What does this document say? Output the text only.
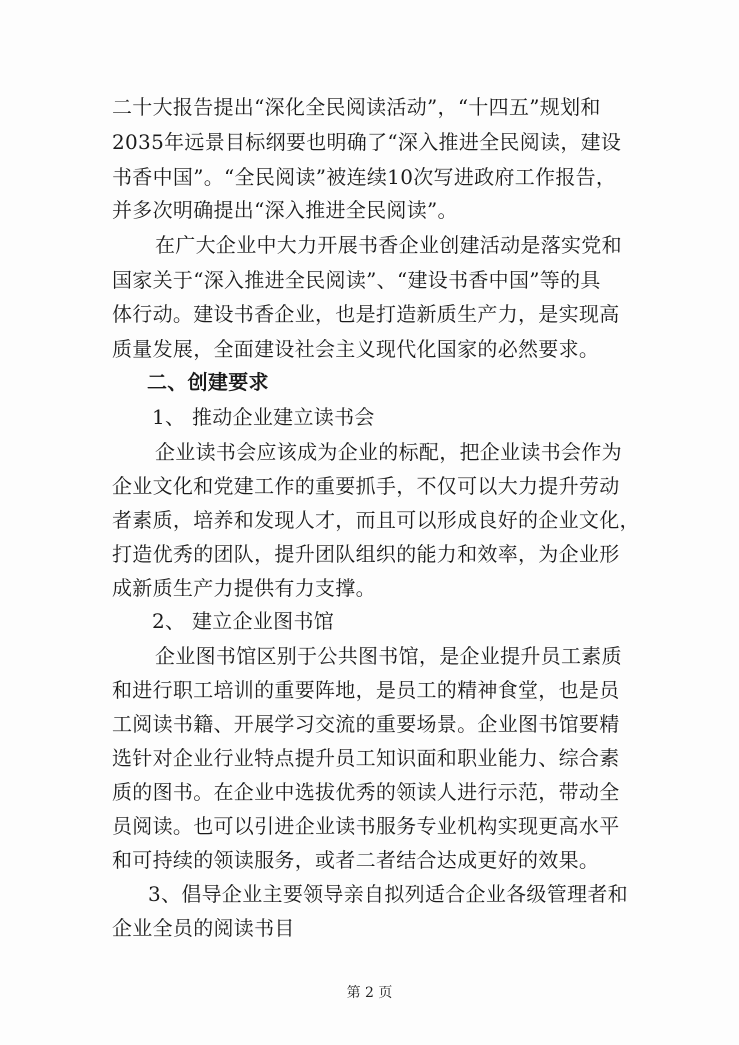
二十大报告提出“深化全民阅读活动”，“十四五”规划和
2035年远景目标纲要也明确了“深入推进全民阅读，建设
书香中国”。“全民阅读”被连续10次写进政府工作报告，
并多次明确提出“深入推进全民阅读”。
在广大企业中大力开展书香企业创建活动是落实党和
国家关于“深入推进全民阅读”、“建设书香中国”等的具
体行动。建设书香企业，也是打造新质生产力，是实现高
质量发展，全面建设社会主义现代化国家的必然要求。
二、创建要求
1、 推动企业建立读书会
企业读书会应该成为企业的标配，把企业读书会作为
企业文化和党建工作的重要抓手，不仅可以大力提升劳动
者素质，培养和发现人才，而且可以形成良好的企业文化，
打造优秀的团队，提升团队组织的能力和效率，为企业形
成新质生产力提供有力支撑。
2、 建立企业图书馆
企业图书馆区别于公共图书馆，是企业提升员工素质
和进行职工培训的重要阵地，是员工的精神食堂，也是员
工阅读书籍、开展学习交流的重要场景。企业图书馆要精
选针对企业行业特点提升员工知识面和职业能力、综合素
质的图书。在企业中选拔优秀的领读人进行示范，带动全
员阅读。也可以引进企业读书服务专业机构实现更高水平
和可持续的领读服务，或者二者结合达成更好的效果。
3、倡导企业主要领导亲自拟列适合企业各级管理者和
企业全员的阅读书目
第 2 页
